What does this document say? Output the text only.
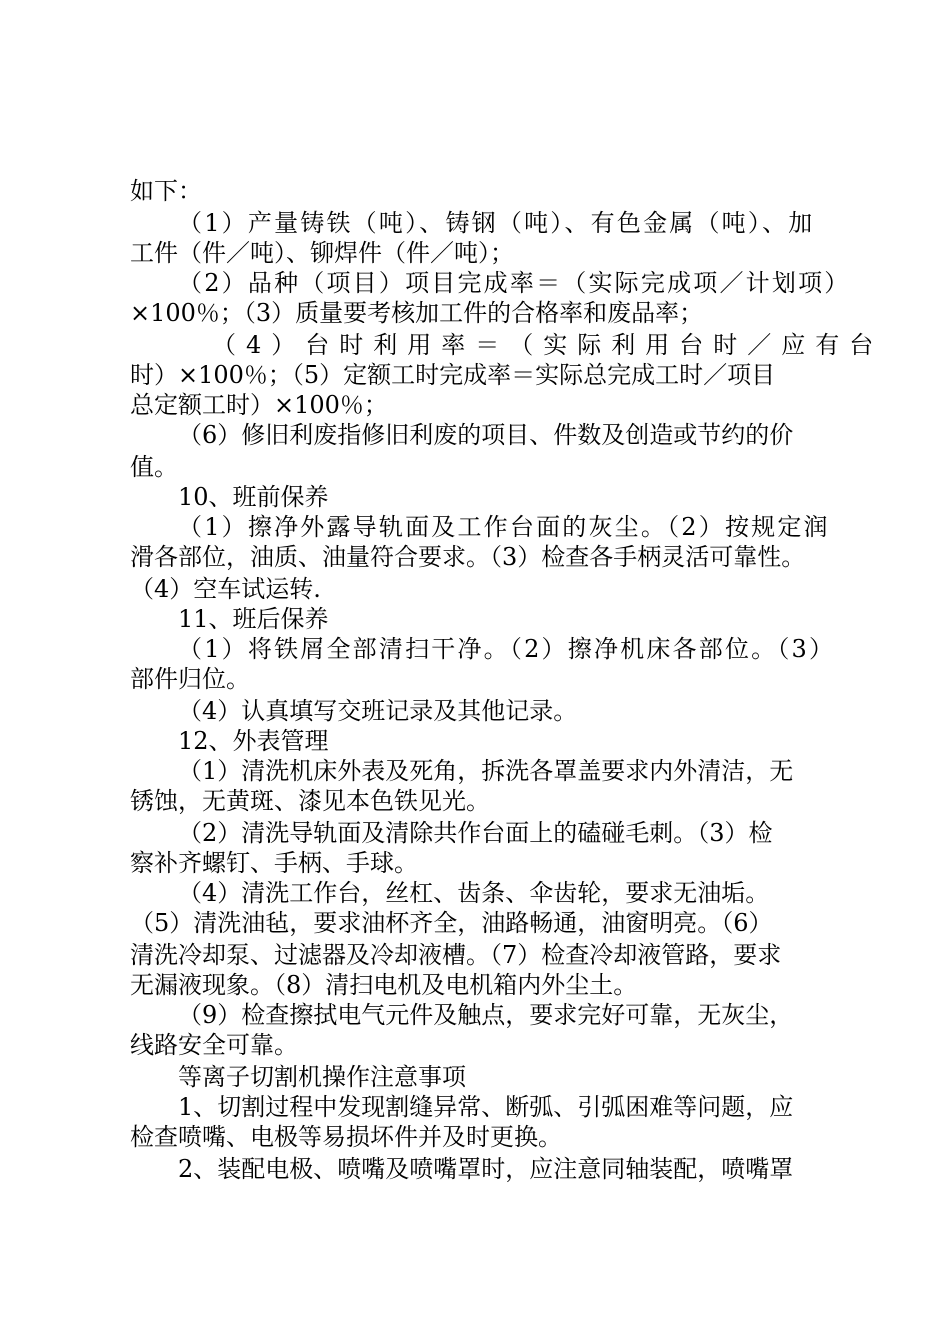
如下：
（1）产量铸铁（吨）、铸钢（吨）、有色金属（吨）、加
工件（件／吨）、铆焊件（件／吨）；
（2）品种（项目）项目完成率＝（实际完成项／计划项）
×100％；（3）质量要考核加工件的合格率和废品率；
（4）台时利用率＝（实际利用台时／应有台
时）×100％；（5）定额工时完成率＝实际总完成工时／项目
总定额工时）×100％；
（6）修旧利废指修旧利废的项目、件数及创造或节约的价
值。
10、班前保养
（1）擦净外露导轨面及工作台面的灰尘。（2）按规定润
滑各部位，油质、油量符合要求。（3）检查各手柄灵活可靠性。
（4）空车试运转.
11、班后保养
（1）将铁屑全部清扫干净。（2）擦净机床各部位。（3）
部件归位。
（4）认真填写交班记录及其他记录。
12、外表管理
（1）清洗机床外表及死角，拆洗各罩盖要求内外清洁，无
锈蚀，无黄斑、漆见本色铁见光。
（2）清洗导轨面及清除共作台面上的磕碰毛刺。（3）检
察补齐螺钉、手柄、手球。
（4）清洗工作台，丝杠、齿条、伞齿轮，要求无油垢。
（5）清洗油毡，要求油杯齐全，油路畅通，油窗明亮。（6）
清洗冷却泵、过滤器及冷却液槽。（7）检查冷却液管路，要求
无漏液现象。（8）清扫电机及电机箱内外尘土。
（9）检查擦拭电气元件及触点，要求完好可靠，无灰尘，
线路安全可靠。
等离子切割机操作注意事项
1、切割过程中发现割缝异常、断弧、引弧困难等问题，应
检查喷嘴、电极等易损坏件并及时更换。
2、装配电极、喷嘴及喷嘴罩时，应注意同轴装配，喷嘴罩
